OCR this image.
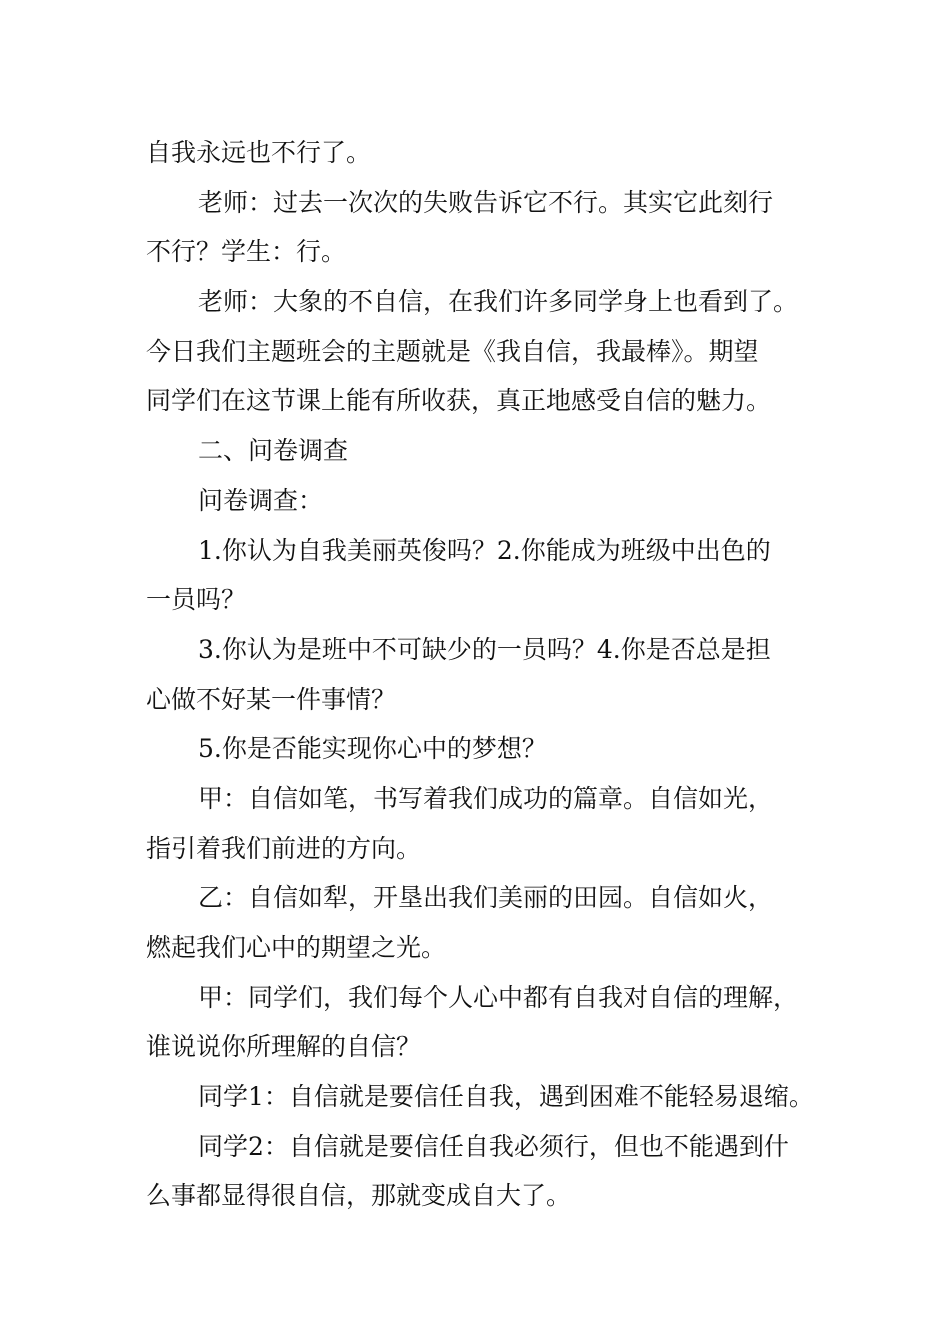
自我永远也不行了。
老师：过去一次次的失败告诉它不行。其实它此刻行
不行？学生：行。
老师：大象的不自信，在我们许多同学身上也看到了。
今日我们主题班会的主题就是《我自信，我最棒》。期望
同学们在这节课上能有所收获，真正地感受自信的魅力。
二、问卷调查
问卷调查：
1.你认为自我美丽英俊吗？2.你能成为班级中出色的
一员吗？
3.你认为是班中不可缺少的一员吗？4.你是否总是担
心做不好某一件事情？
5.你是否能实现你心中的梦想？
甲：自信如笔，书写着我们成功的篇章。自信如光，
指引着我们前进的方向。
乙：自信如犁，开垦出我们美丽的田园。自信如火，
燃起我们心中的期望之光。
甲：同学们，我们每个人心中都有自我对自信的理解，
谁说说你所理解的自信？
同学1：自信就是要信任自我，遇到困难不能轻易退缩。
同学2：自信就是要信任自我必须行，但也不能遇到什
么事都显得很自信，那就变成自大了。
